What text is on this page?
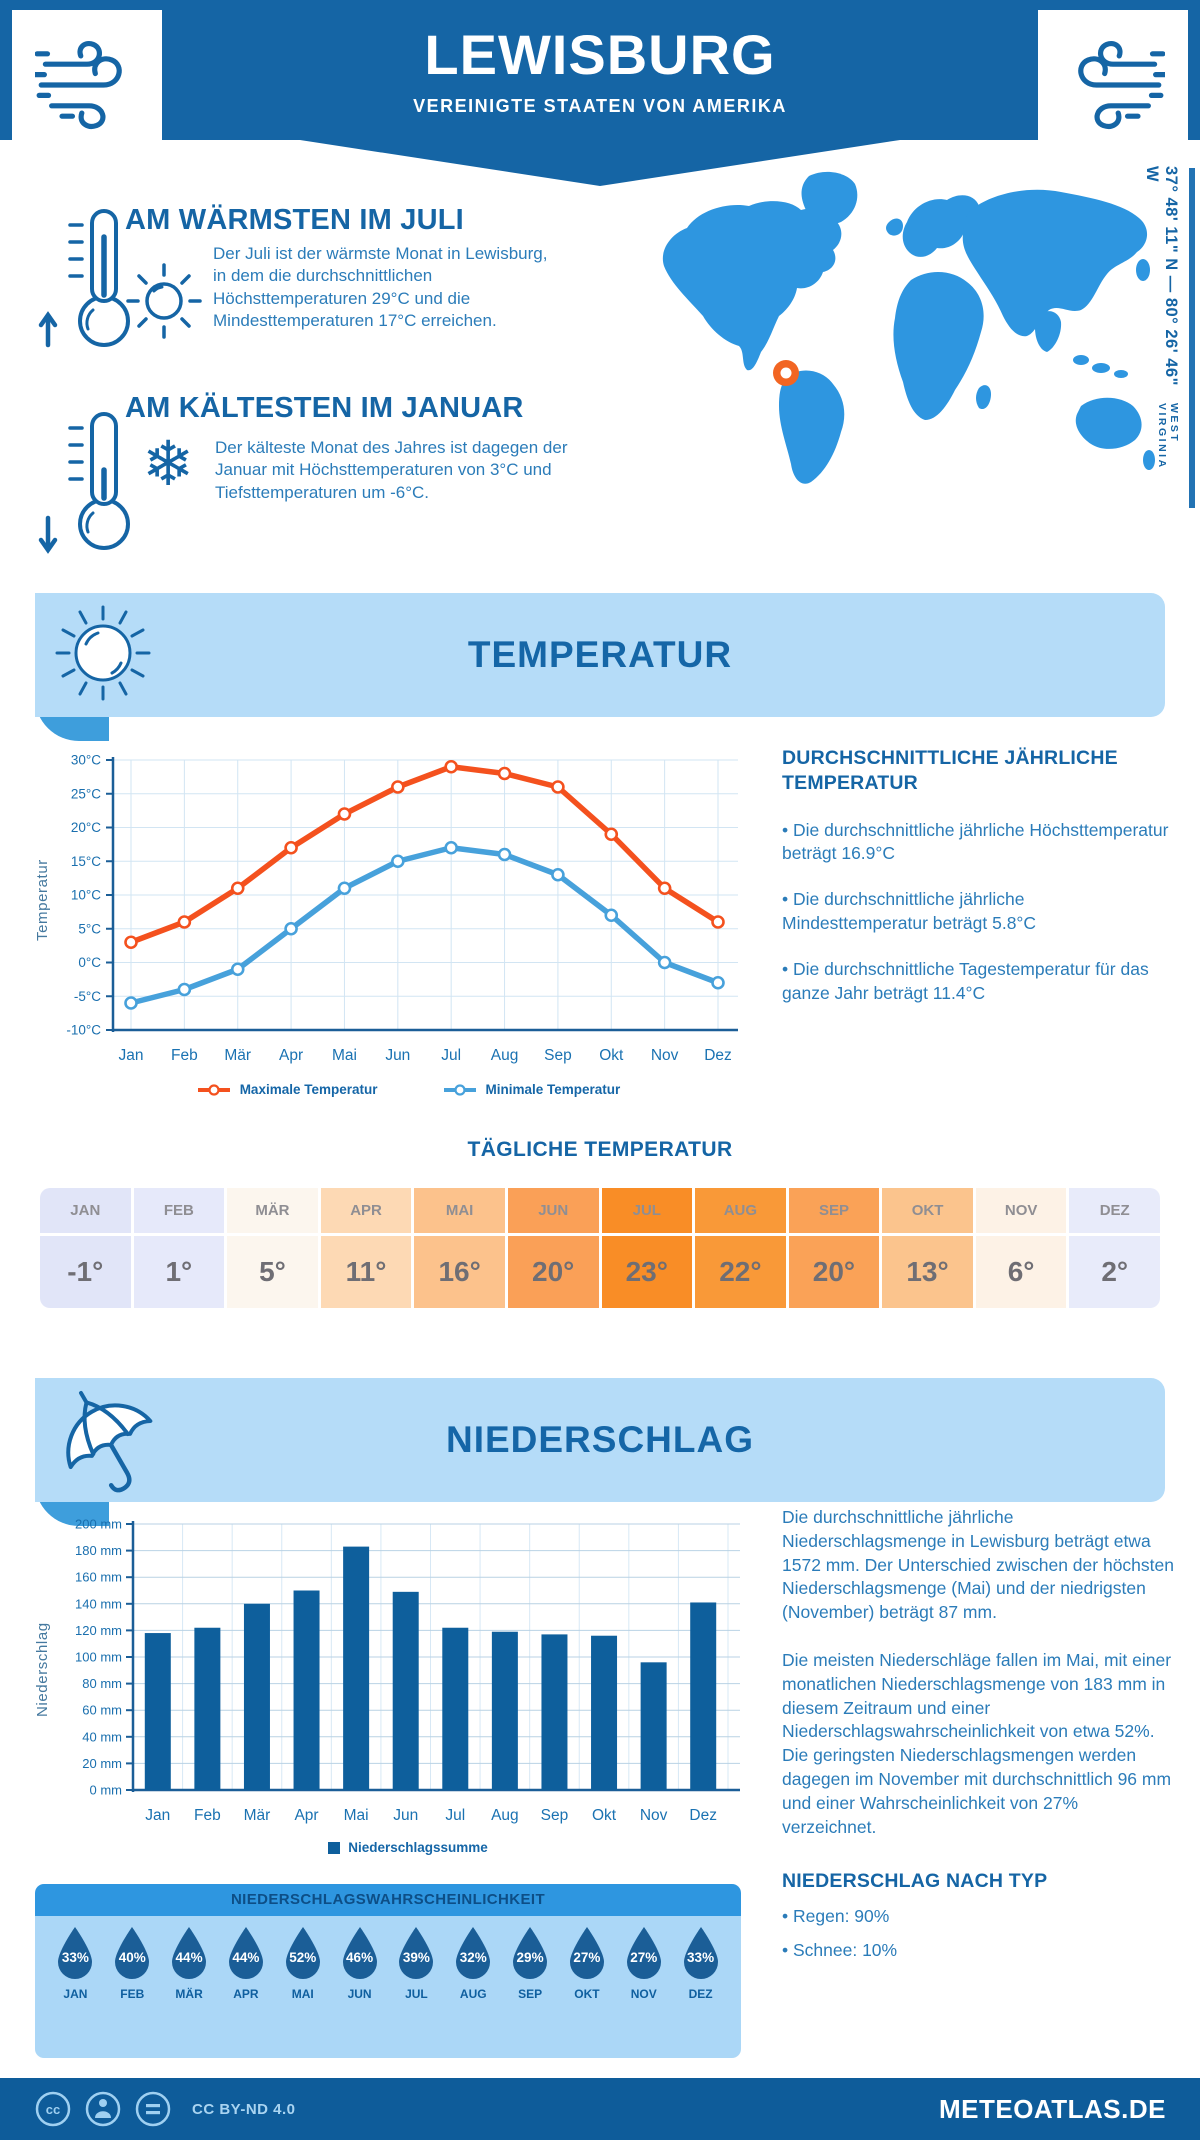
LEWISBURG
VEREINIGTE STAATEN VON AMERIKA
AM WÄRMSTEN IM JULI
Der Juli ist der wärmste Monat in Lewisburg, in dem die durchschnittlichen Höchsttemperaturen 29°C und die Mindesttemperaturen 17°C erreichen.
❄
AM KÄLTESTEN IM JANUAR
Der kälteste Monat des Jahres ist dagegen der Januar mit Höchsttemperaturen von 3°C und Tiefsttemperaturen um -6°C.
37° 48' 11" N — 80° 26' 46" W
WEST VIRGINIA
TEMPERATUR
Temperatur
-10°C
-5°C
0°C
5°C
10°C
15°C
20°C
25°C
30°C
Jan Feb Mär Apr Mai Jun Jul Aug Sep Okt Nov Dez
Maximale Temperatur	Minimale Temperatur
DURCHSCHNITTLICHE JÄHRLICHE TEMPERATUR
• Die durchschnittliche jährliche Höchsttemperatur beträgt 16.9°C
• Die durchschnittliche jährliche Mindesttemperatur beträgt 5.8°C
• Die durchschnittliche Tagestemperatur für das ganze Jahr beträgt 11.4°C
TÄGLICHE TEMPERATUR
JAN	FEB	MÄR	APR	MAI	JUN	JUL	AUG	SEP	OKT	NOV	DEZ
-1°	1°	5°	11°	16°	20°	23°	22°	20°	13°	6°	2°
NIEDERSCHLAG
Niederschlag
0 mm
20 mm
40 mm
60 mm
80 mm
100 mm
120 mm
140 mm
160 mm
180 mm
200 mm
Jan Feb Mär Apr Mai Jun Jul Aug Sep Okt Nov Dez
Niederschlagssumme
Die durchschnittliche jährliche Niederschlagsmenge in Lewisburg beträgt etwa 1572 mm. Der Unterschied zwischen der höchsten Niederschlagsmenge (Mai) und der niedrigsten (November) beträgt 87 mm.
Die meisten Niederschläge fallen im Mai, mit einer monatlichen Niederschlagsmenge von 183 mm in diesem Zeitraum und einer Niederschlagswahrscheinlichkeit von etwa 52%. Die geringsten Niederschlagsmengen werden dagegen im November mit durchschnittlich 96 mm und einer Wahrscheinlichkeit von 27% verzeichnet.
NIEDERSCHLAG NACH TYP
• Regen: 90%
• Schnee: 10%
NIEDERSCHLAGSWAHRSCHEINLICHKEIT
33%
JAN
40%
FEB
44%
MÄR
44%
APR
52%
MAI
46%
JUN
39%
JUL
32%
AUG
29%
SEP
27%
OKT
27%
NOV
33%
DEZ
cc	CC BY-ND 4.0	METEOATLAS.DE
